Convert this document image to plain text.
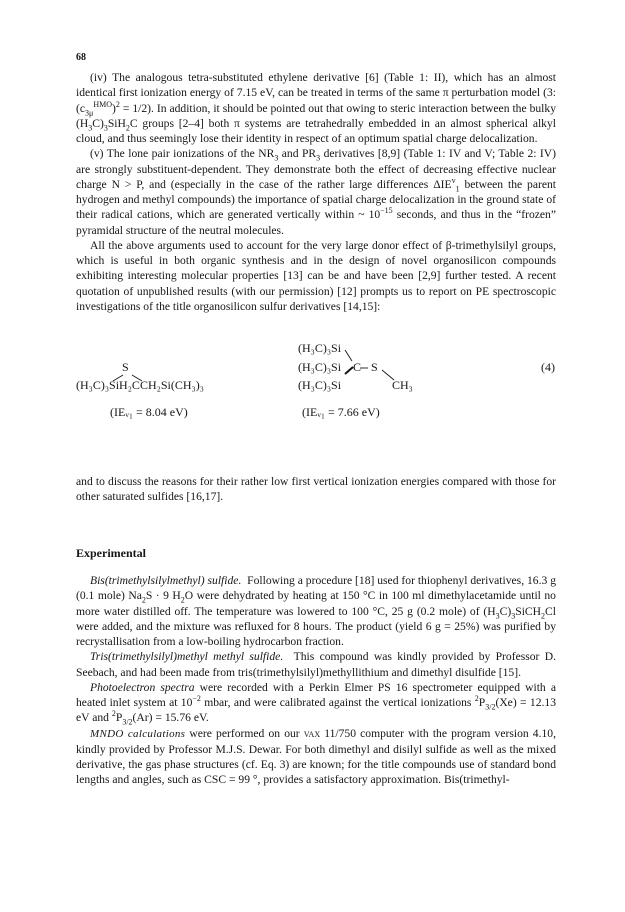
68

(iv) The analogous tetra-substituted ethylene derivative [6] (Table 1: II), which has an almost identical first ionization energy of 7.15 eV, can be treated in terms of the same π perturbation model (3: $(c_{3\mu}^{HMO})^2 = 1/2$). In addition, it should be pointed out that owing to steric interaction between the bulky $(H_3C)_3SiH_2C$ groups [2–4] both π systems are tetrahedrally embedded in an almost spherical alkyl cloud, and thus seemingly lose their identity in respect of an optimum spatial charge delocalization.

(v) The lone pair ionizations of the $NR_3$ and $PR_3$ derivatives [8,9] (Table 1: IV and V; Table 2: IV) are strongly substituent-dependent. They demonstrate both the effect of decreasing effective nuclear charge N > P, and (especially in the case of the rather large differences $\Delta IE^v_1$ between the parent hydrogen and methyl compounds) the importance of spatial charge delocalization in the ground state of their radical cations, which are generated vertically within ~ $10^{-15}$ seconds, and thus in the “frozen” pyramidal structure of the neutral molecules.

All the above arguments used to account for the very large donor effect of β-trimethylsilyl groups, which is useful in both organic synthesis and in the design of novel organosilicon compounds exhibiting interesting molecular properties [13] can be and have been [2,9] further tested. A recent quotation of unpublished results (with our permission) [12] prompts us to report on PE spectroscopic investigations of the title organosilicon sulfur derivatives [14,15]:

(H₃C)₃Si
S	(H₃C)₃Si C S	(4)
(H₃C)₃SiH₂C CH₂Si(CH₃)₃	(H₃C)₃Si	CH₃
(IEᵥ₁ = 8.04 eV)	(IEᵥ₁ = 7.66 eV)
and to discuss the reasons for their rather low first vertical ionization energies compared with those for other saturated sulfides [16,17].
Experimental

Bis(trimethylsilylmethyl) sulfide.  Following a procedure [18] used for thiophenyl derivatives, 16.3 g (0.1 mole) $Na_2S \cdot 9$ $H_2O$ were dehydrated by heating at 150 °C in 100 ml dimethylacetamide until no more water distilled off. The temperature was lowered to 100 °C, 25 g (0.2 mole) of $(H_3C)_3SiCH_2Cl$ were added, and the mixture was refluxed for 8 hours. The product (yield 6 g = 25%) was purified by recrystallisation from a low-boiling hydrocarbon fraction.

Tris(trimethylsilyl)methyl methyl sulfide.  This compound was kindly provided by Professor D. Seebach, and had been made from tris(trimethylsilyl)methyllithium and dimethyl disulfide [15].

Photoelectron spectra were recorded with a Perkin Elmer PS 16 spectrometer equipped with a heated inlet system at $10^{-2}$ mbar, and were calibrated against the vertical ionizations $^2P_{3/2}(Xe) = 12.13$ eV and $^2P_{3/2}(Ar) = 15.76$ eV.

MNDO calculations were performed on our vax 11/750 computer with the program version 4.10, kindly provided by Professor M.J.S. Dewar. For both dimethyl and disilyl sulfide as well as the mixed derivative, the gas phase structures (cf. Eq. 3) are known; for the title compounds use of standard bond lengths and angles, such as CSC = 99 °, provides a satisfactory approximation. Bis(trimethyl-
